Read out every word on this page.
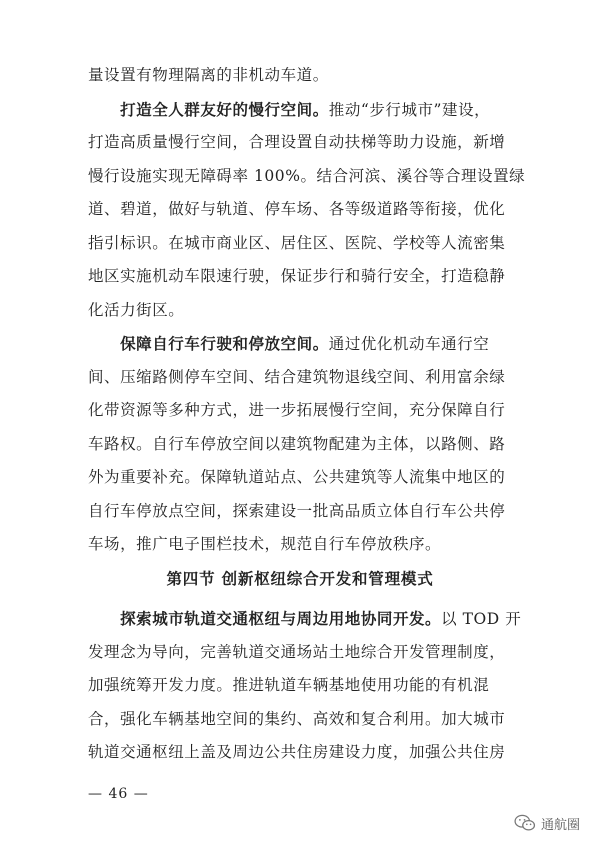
量设置有物理隔离的非机动车道。
　　打造全人群友好的慢行空间。推动“步行城市”建设，
打造高质量慢行空间，合理设置自动扶梯等助力设施，新增
慢行设施实现无障碍率 100%。结合河滨、溪谷等合理设置绿
道、碧道，做好与轨道、停车场、各等级道路等衔接，优化
指引标识。在城市商业区、居住区、医院、学校等人流密集
地区实施机动车限速行驶，保证步行和骑行安全，打造稳静
化活力街区。
　　保障自行车行驶和停放空间。通过优化机动车通行空
间、压缩路侧停车空间、结合建筑物退线空间、利用富余绿
化带资源等多种方式，进一步拓展慢行空间，充分保障自行
车路权。自行车停放空间以建筑物配建为主体，以路侧、路
外为重要补充。保障轨道站点、公共建筑等人流集中地区的
自行车停放点空间，探索建设一批高品质立体自行车公共停
车场，推广电子围栏技术，规范自行车停放秩序。
第四节 创新枢纽综合开发和管理模式
　　探索城市轨道交通枢纽与周边用地协同开发。以 TOD 开
发理念为导向，完善轨道交通场站土地综合开发管理制度，
加强统筹开发力度。推进轨道车辆基地使用功能的有机混
合，强化车辆基地空间的集约、高效和复合利用。加大城市
轨道交通枢纽上盖及周边公共住房建设力度，加强公共住房
— 46 —
通航圈
